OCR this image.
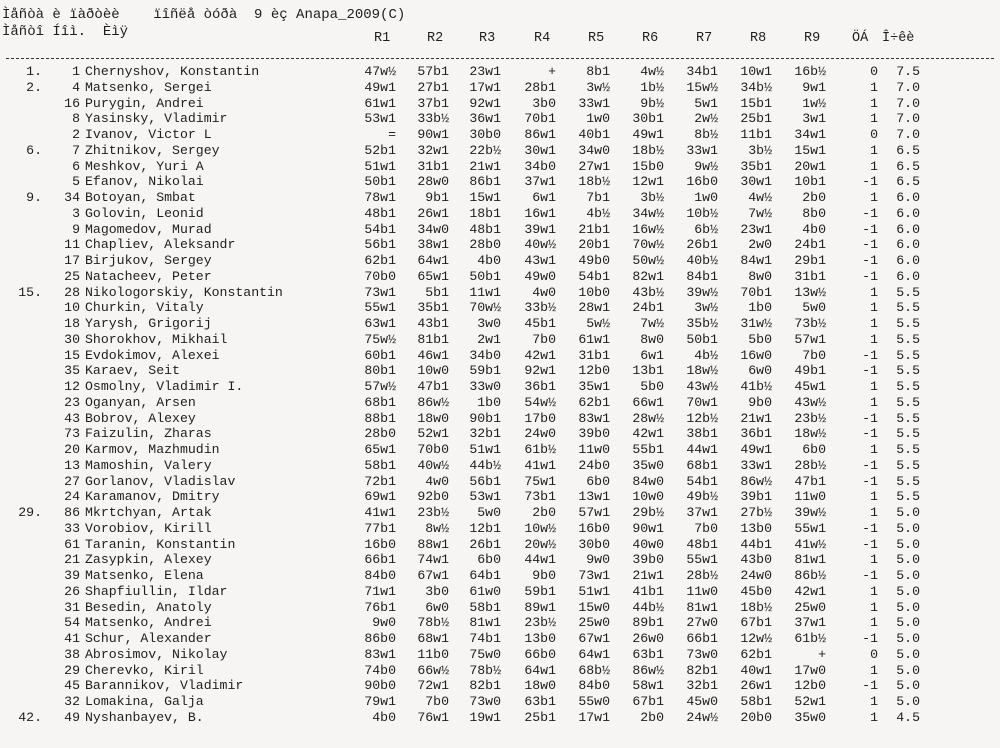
Ìåñòà è ïàðòèè    ïîñëå òóðà  9 èç Anapa_2009(C)
Ìåñòî Íîì.  Èìÿ	R1	R2	R3	R4	R5	R6	R7	R8	R9 ÖÁ Î÷êè
1.	1 Chernyshov, Konstantin	47w½	57b1	23w1	+	8b1	4w½	34b1	10w1	16b½	0	7.5
2.	4 Matsenko, Sergei	49w1	27b1	17w1	28b1	3w½	1b½	15w½	34b½	9w1	1	7.0
16 Purygin, Andrei	61w1	37b1	92w1	3b0	33w1	9b½	5w1	15b1	1w½	1	7.0
8 Yasinsky, Vladimir	53w1	33b½	36w1	70b1	1w0	30b1	2w½	25b1	3w1	1	7.0
2 Ivanov, Victor L	=	90w1	30b0	86w1	40b1	49w1	8b½	11b1	34w1	0	7.0
6.	7 Zhitnikov, Sergey	52b1	32w1	22b½	30w1	34w0	18b½	33w1	3b½	15w1	1	6.5
6 Meshkov, Yuri A	51w1	31b1	21w1	34b0	27w1	15b0	9w½	35b1	20w1	1	6.5
5 Efanov, Nikolai	50b1	28w0	86b1	37w1	18b½	12w1	16b0	30w1	10b1	-1	6.5
9.	34 Botoyan, Smbat	78w1	9b1	15w1	6w1	7b1	3b½	1w0	4w½	2b0	1	6.0
3 Golovin, Leonid	48b1	26w1	18b1	16w1	4b½	34w½	10b½	7w½	8b0	-1	6.0
9 Magomedov, Murad	54b1	34w0	48b1	39w1	21b1	16w½	6b½	23w1	4b0	-1	6.0
11 Chapliev, Aleksandr	56b1	38w1	28b0	40w½	20b1	70w½	26b1	2w0	24b1	-1	6.0
17 Birjukov, Sergey	62b1	64w1	4b0	43w1	49b0	50w½	40b½	84w1	29b1	-1	6.0
25 Natacheev, Peter	70b0	65w1	50b1	49w0	54b1	82w1	84b1	8w0	31b1	-1	6.0
15.	28 Nikologorskiy, Konstantin	73w1	5b1	11w1	4w0	10b0	43b½	39w½	70b1	13w½	1	5.5
10 Churkin, Vitaly	55w1	35b1	70w½	33b½	28w1	24b1	3w½	1b0	5w0	1	5.5
18 Yarysh, Grigorij	63w1	43b1	3w0	45b1	5w½	7w½	35b½	31w½	73b½	1	5.5
30 Shorokhov, Mikhail	75w½	81b1	2w1	7b0	61w1	8w0	50b1	5b0	57w1	1	5.5
15 Evdokimov, Alexei	60b1	46w1	34b0	42w1	31b1	6w1	4b½	16w0	7b0	-1	5.5
35 Karaev, Seit	80b1	10w0	59b1	92w1	12b0	13b1	18w½	6w0	49b1	-1	5.5
12 Osmolny, Vladimir I.	57w½	47b1	33w0	36b1	35w1	5b0	43w½	41b½	45w1	1	5.5
23 Oganyan, Arsen	68b1	86w½	1b0	54w½	62b1	66w1	70w1	9b0	43w½	1	5.5
43 Bobrov, Alexey	88b1	18w0	90b1	17b0	83w1	28w½	12b½	21w1	23b½	-1	5.5
73 Faizulin, Zharas	28b0	52w1	32b1	24w0	39b0	42w1	38b1	36b1	18w½	-1	5.5
20 Karmov, Mazhmudin	65w1	70b0	51w1	61b½	11w0	55b1	44w1	49w1	6b0	1	5.5
13 Mamoshin, Valery	58b1	40w½	44b½	41w1	24b0	35w0	68b1	33w1	28b½	-1	5.5
27 Gorlanov, Vladislav	72b1	4w0	56b1	75w1	6b0	84w0	54b1	86w½	47b1	-1	5.5
24 Karamanov, Dmitry	69w1	92b0	53w1	73b1	13w1	10w0	49b½	39b1	11w0	1	5.5
29.	86 Mkrtchyan, Artak	41w1	23b½	5w0	2b0	57w1	29b½	37w1	27b½	39w½	1	5.0
33 Vorobiov, Kirill	77b1	8w½	12b1	10w½	16b0	90w1	7b0	13b0	55w1	-1	5.0
61 Taranin, Konstantin	16b0	88w1	26b1	20w½	30b0	40w0	48b1	44b1	41w½	-1	5.0
21 Zasypkin, Alexey	66b1	74w1	6b0	44w1	9w0	39b0	55w1	43b0	81w1	1	5.0
39 Matsenko, Elena	84b0	67w1	64b1	9b0	73w1	21w1	28b½	24w0	86b½	-1	5.0
26 Shapfiullin, Ildar	71w1	3b0	61w0	59b1	51w1	41b1	11w0	45b0	42w1	1	5.0
31 Besedin, Anatoly	76b1	6w0	58b1	89w1	15w0	44b½	81w1	18b½	25w0	1	5.0
54 Matsenko, Andrei	9w0	78b½	81w1	23b½	25w0	89b1	27w0	67b1	37w1	1	5.0
41 Schur, Alexander	86b0	68w1	74b1	13b0	67w1	26w0	66b1	12w½	61b½	-1	5.0
38 Abrosimov, Nikolay	83w1	11b0	75w0	66b0	64w1	63b1	73w0	62b1	+	0	5.0
29 Cherevko, Kiril	74b0	66w½	78b½	64w1	68b½	86w½	82b1	40w1	17w0	1	5.0
45 Barannikov, Vladimir	90b0	72w1	82b1	18w0	84b0	58w1	32b1	26w1	12b0	-1	5.0
32 Lomakina, Galja	79w1	7b0	73w0	63b1	55w0	67b1	45w0	58b1	52w1	1	5.0
42.	49 Nyshanbayev, B.	4b0	76w1	19w1	25b1	17w1	2b0	24w½	20b0	35w0	1	4.5
